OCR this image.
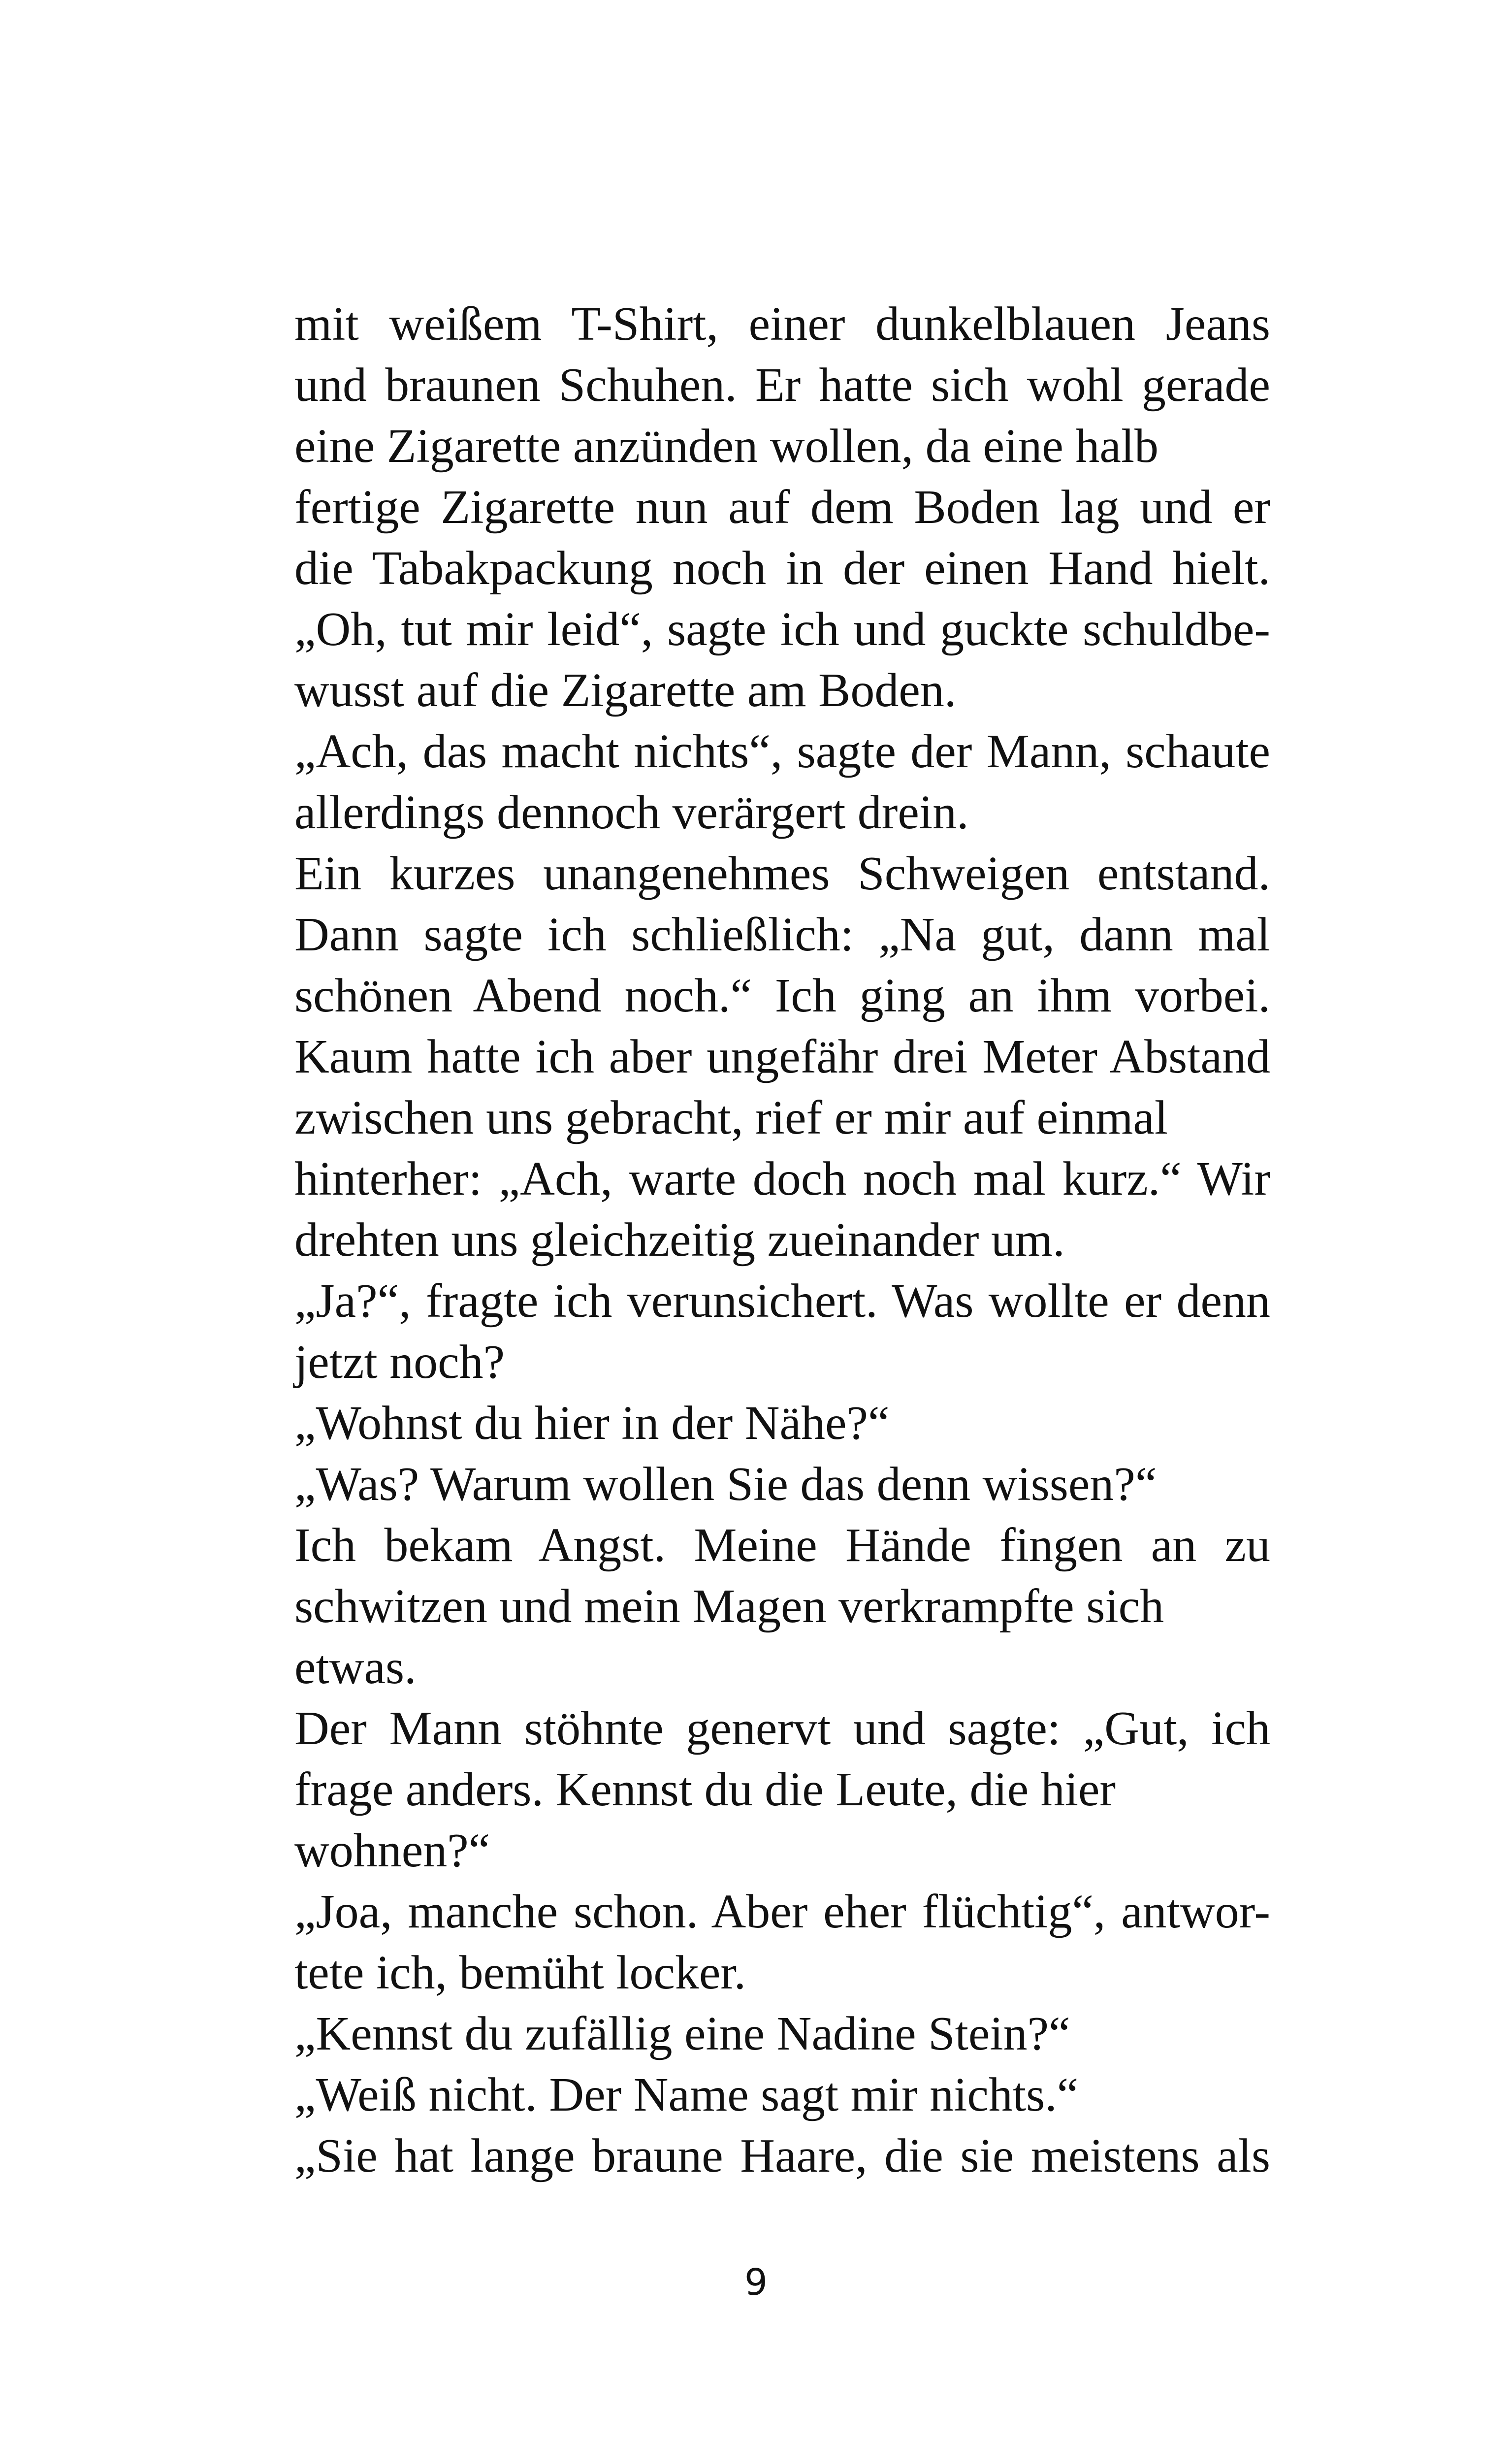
mit weißem T-Shirt, einer dunkelblauen Jeans
und braunen Schuhen. Er hatte sich wohl gerade
eine Zigarette anzünden wollen, da eine halb
fertige Zigarette nun auf dem Boden lag und er
die Tabakpackung noch in der einen Hand hielt.
„Oh, tut mir leid“, sagte ich und guckte schuldbe-
wusst auf die Zigarette am Boden.
„Ach, das macht nichts“, sagte der Mann, schaute
allerdings dennoch verärgert drein.
Ein kurzes unangenehmes Schweigen entstand.
Dann sagte ich schließlich: „Na gut, dann mal
schönen Abend noch.“ Ich ging an ihm vorbei.
Kaum hatte ich aber ungefähr drei Meter Abstand
zwischen uns gebracht, rief er mir auf einmal
hinterher: „Ach, warte doch noch mal kurz.“ Wir
drehten uns gleichzeitig zueinander um.
„Ja?“, fragte ich verunsichert. Was wollte er denn
jetzt noch?
„Wohnst du hier in der Nähe?“
„Was? Warum wollen Sie das denn wissen?“
Ich bekam Angst. Meine Hände fingen an zu
schwitzen und mein Magen verkrampfte sich
etwas.
Der Mann stöhnte genervt und sagte: „Gut, ich
frage anders. Kennst du die Leute, die hier
wohnen?“
„Joa, manche schon. Aber eher flüchtig“, antwor-
tete ich, bemüht locker.
„Kennst du zufällig eine Nadine Stein?“
„Weiß nicht. Der Name sagt mir nichts.“
„Sie hat lange braune Haare, die sie meistens als
9
